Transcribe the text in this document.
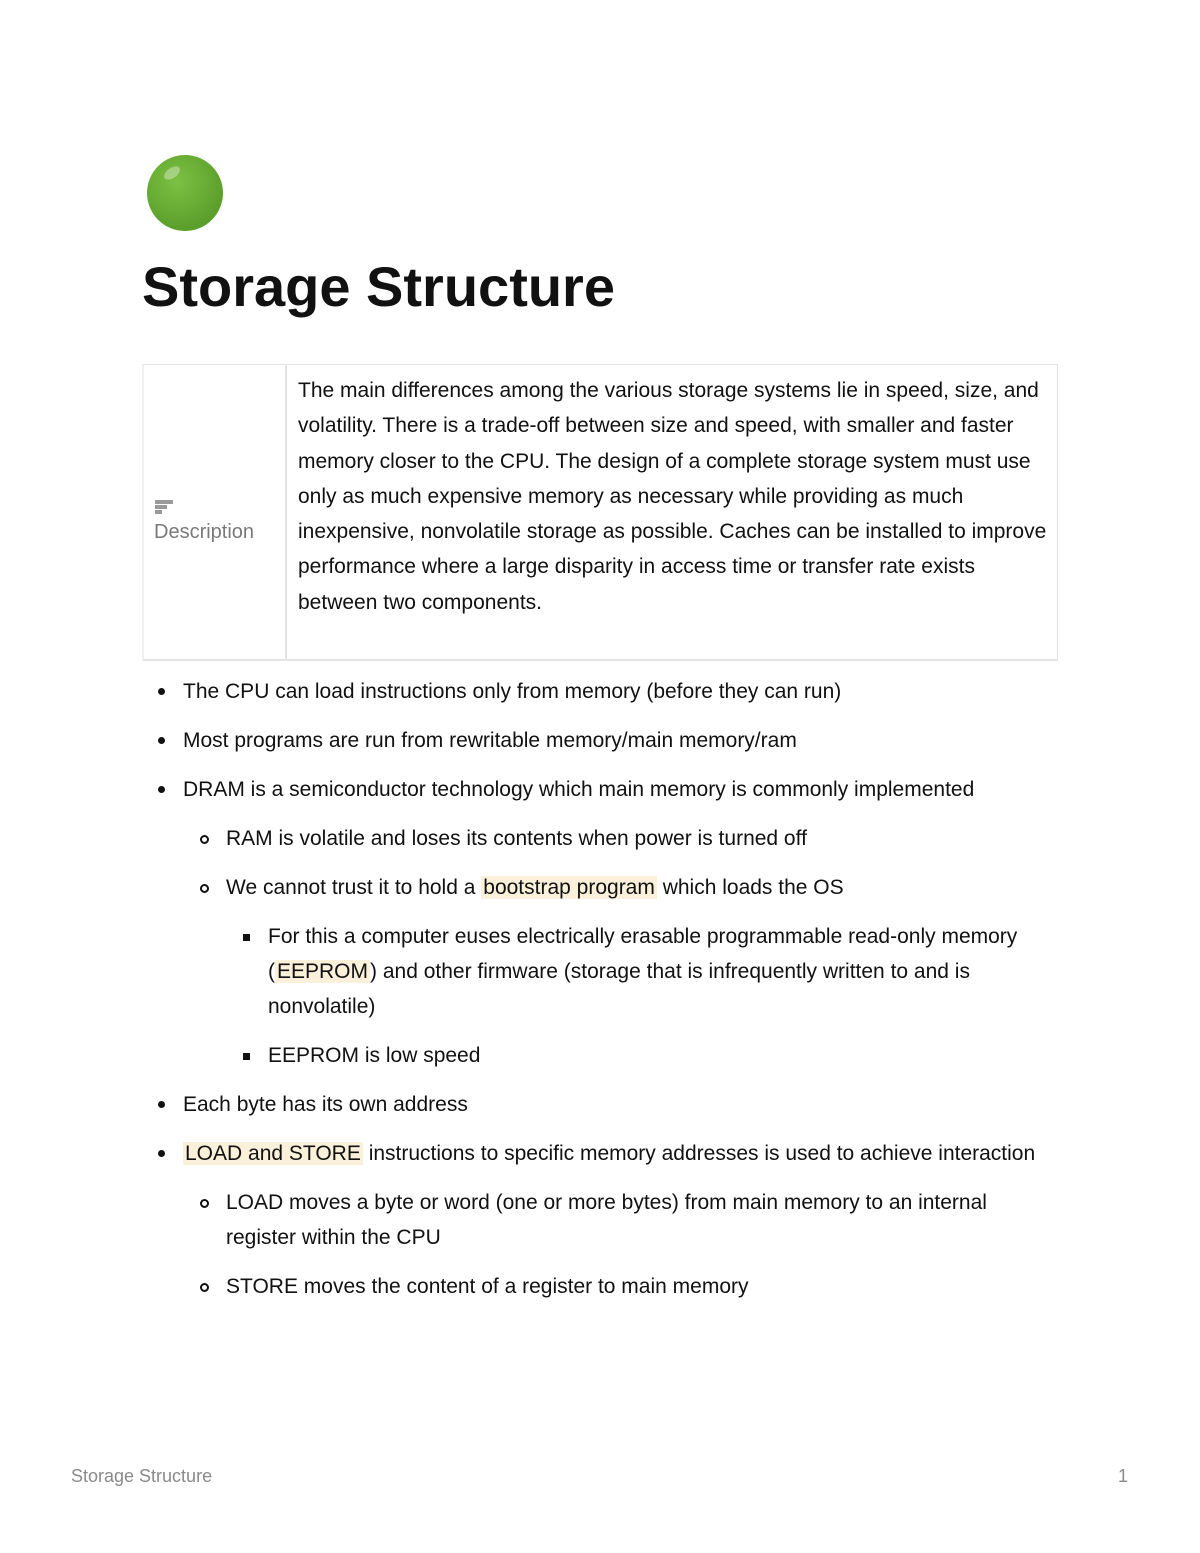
Storage Structure
Description
The main differences among the various storage systems lie in speed, size, and volatility. There is a trade-off between size and speed, with smaller and faster memory closer to the CPU. The design of a complete storage system must use only as much expensive memory as necessary while providing as much inexpensive, nonvolatile storage as possible. Caches can be installed to improve performance where a large disparity in access time or transfer rate exists between two components.
The CPU can load instructions only from memory (before they can run)
Most programs are run from rewritable memory/main memory/ram
DRAM is a semiconductor technology which main memory is commonly implemented
RAM is volatile and loses its contents when power is turned off
We cannot trust it to hold a bootstrap program which loads the OS
For this a computer euses electrically erasable programmable read-only memory (EEPROM) and other firmware (storage that is infrequently written to and is nonvolatile)
EEPROM is low speed
Each byte has its own address
LOAD and STORE instructions to specific memory addresses is used to achieve interaction
LOAD moves a byte or word (one or more bytes) from main memory to an internal register within the CPU
STORE moves the content of a register to main memory
Storage Structure	1
